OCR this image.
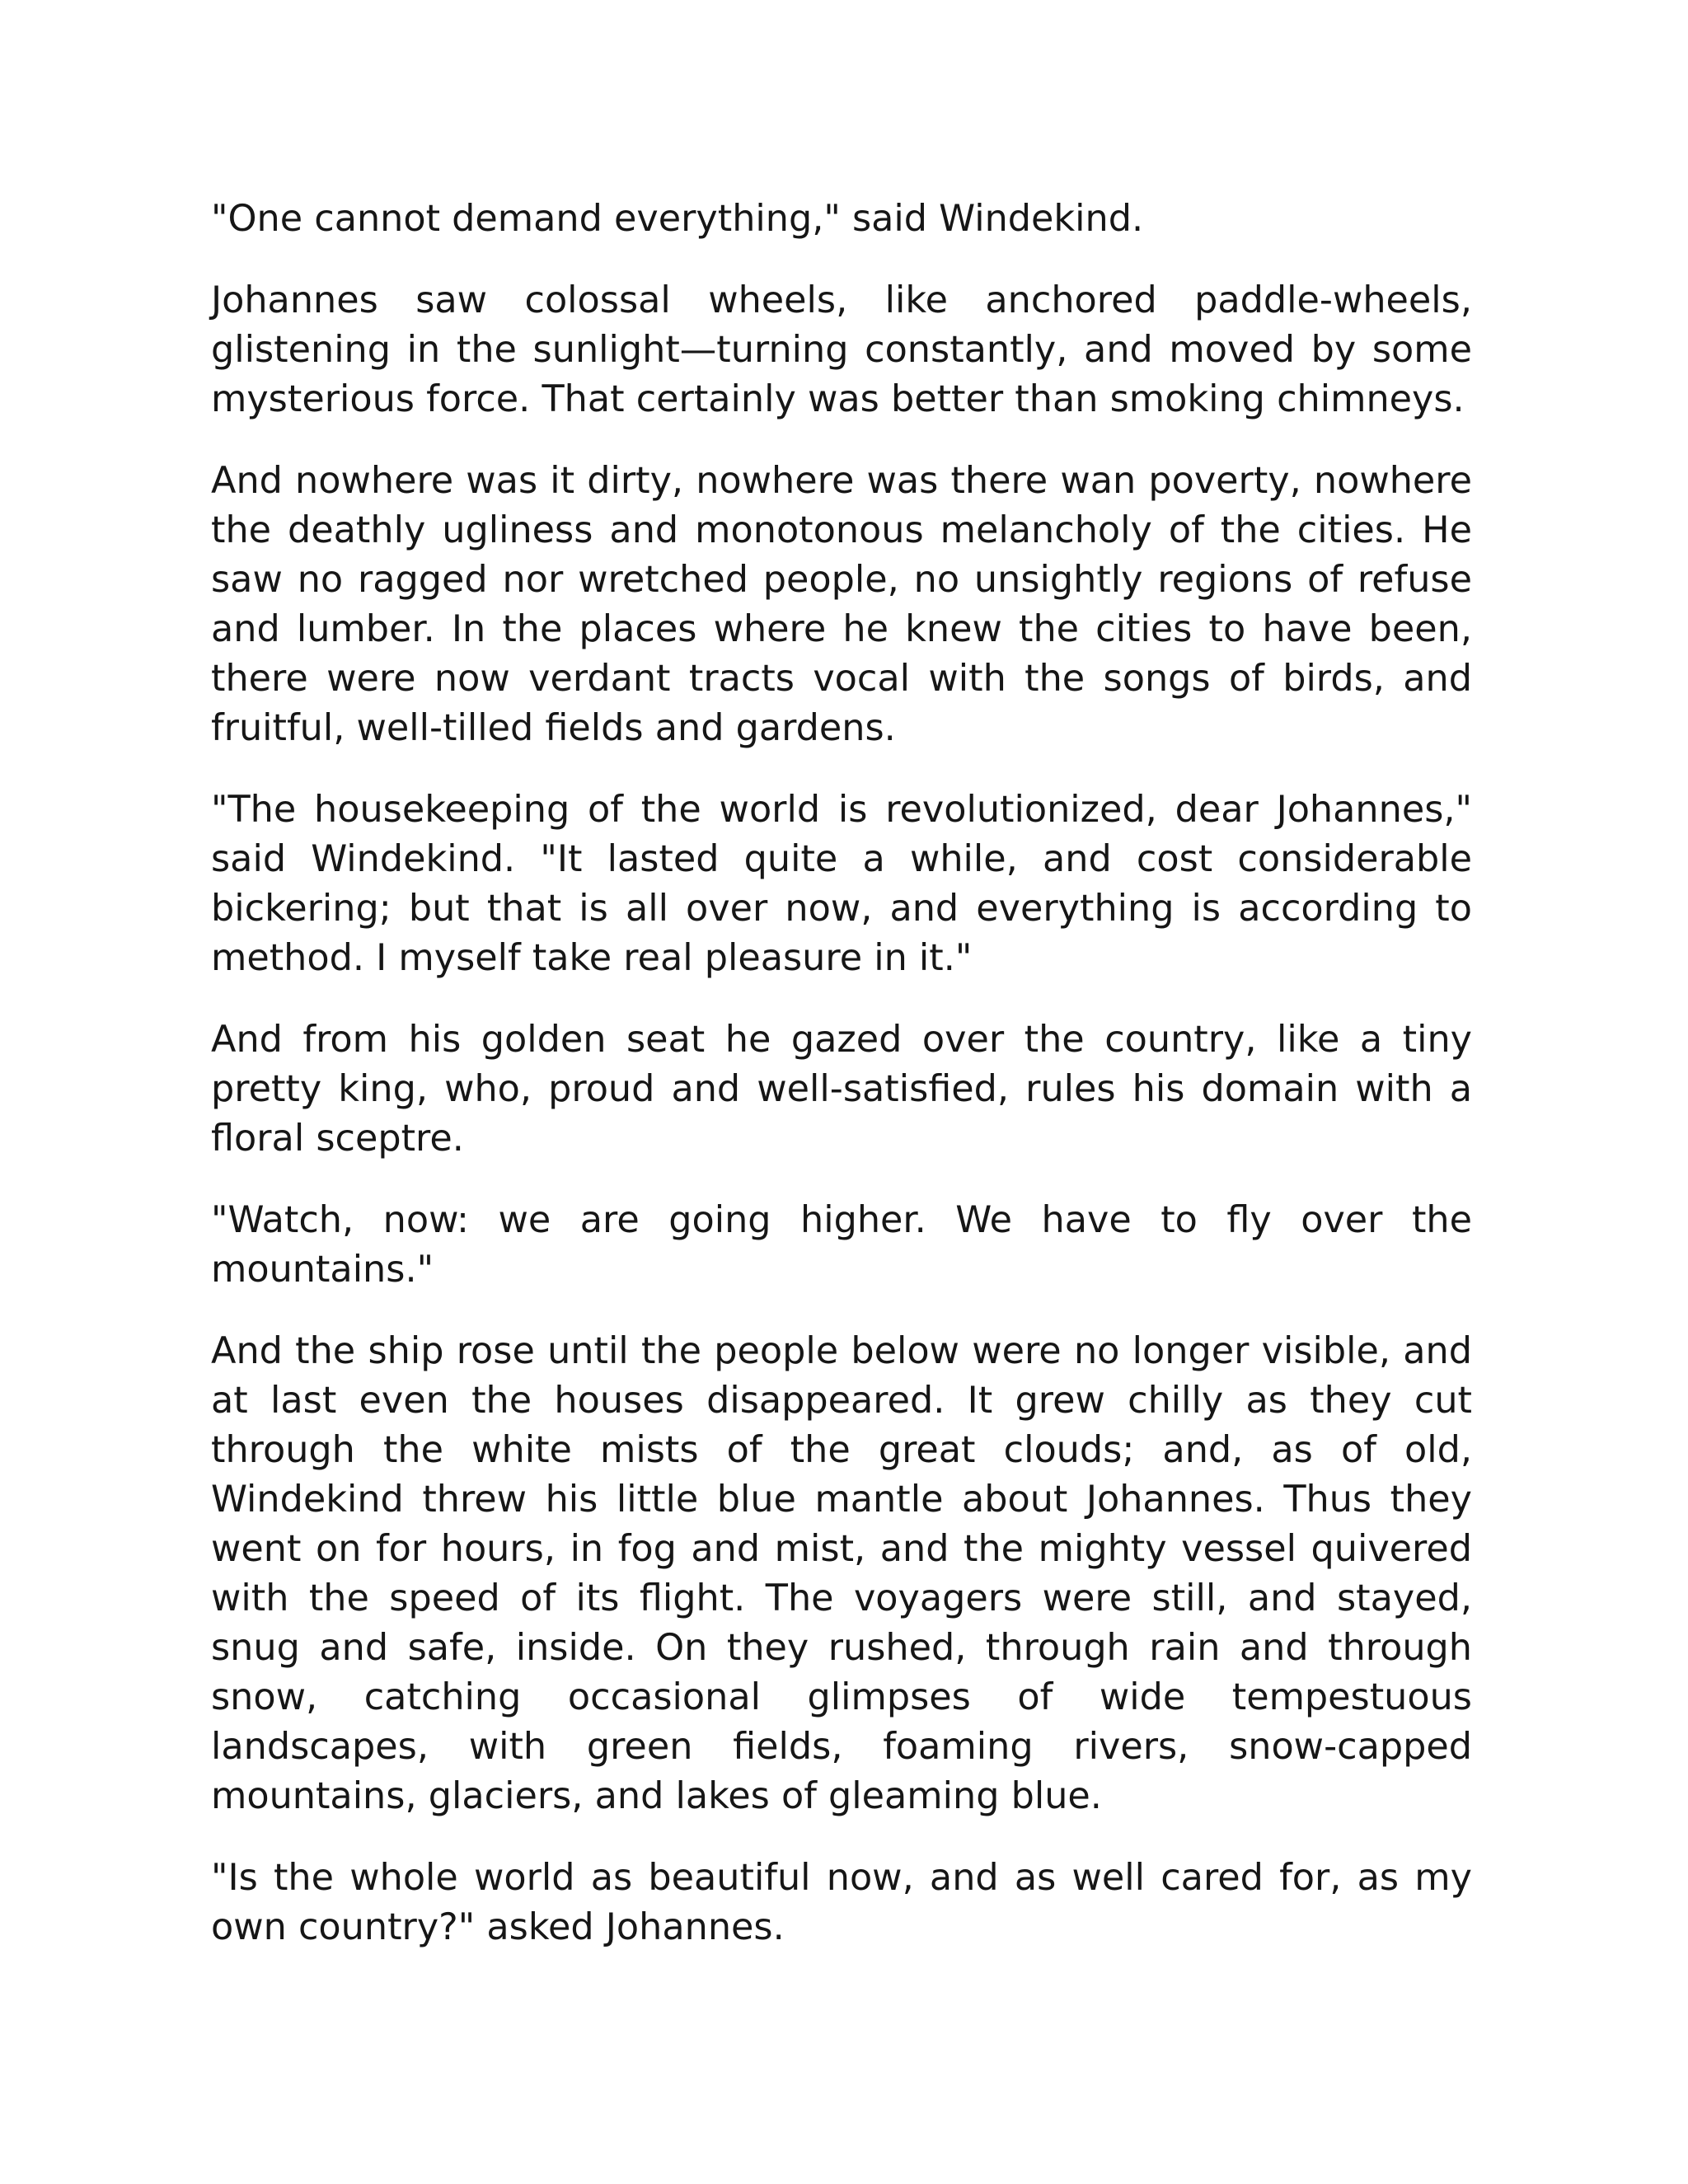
"One cannot demand everything," said Windekind.

Johannes saw colossal wheels, like anchored paddle-wheels, glistening in the sunlight—turning constantly, and moved by some mysterious force. That certainly was better than smoking chimneys.

And nowhere was it dirty, nowhere was there wan poverty, nowhere the deathly ugliness and monotonous melancholy of the cities. He saw no ragged nor wretched people, no unsightly regions of refuse and lumber. In the places where he knew the cities to have been, there were now verdant tracts vocal with the songs of birds, and fruitful, well-tilled fields and gardens.

"The housekeeping of the world is revolutionized, dear Johannes," said Windekind. "It lasted quite a while, and cost considerable bickering; but that is all over now, and everything is according to method. I myself take real pleasure in it."

And from his golden seat he gazed over the country, like a tiny pretty king, who, proud and well-satisfied, rules his domain with a floral sceptre.

"Watch, now: we are going higher. We have to fly over the mountains."

And the ship rose until the people below were no longer visible, and at last even the houses disappeared. It grew chilly as they cut through the white mists of the great clouds; and, as of old, Windekind threw his little blue mantle about Johannes. Thus they went on for hours, in fog and mist, and the mighty vessel quivered with the speed of its flight. The voyagers were still, and stayed, snug and safe, inside. On they rushed, through rain and through snow, catching occasional glimpses of wide tempestuous landscapes, with green fields, foaming rivers, snow-capped mountains, glaciers, and lakes of gleaming blue.

"Is the whole world as beautiful now, and as well cared for, as my own country?" asked Johannes.
